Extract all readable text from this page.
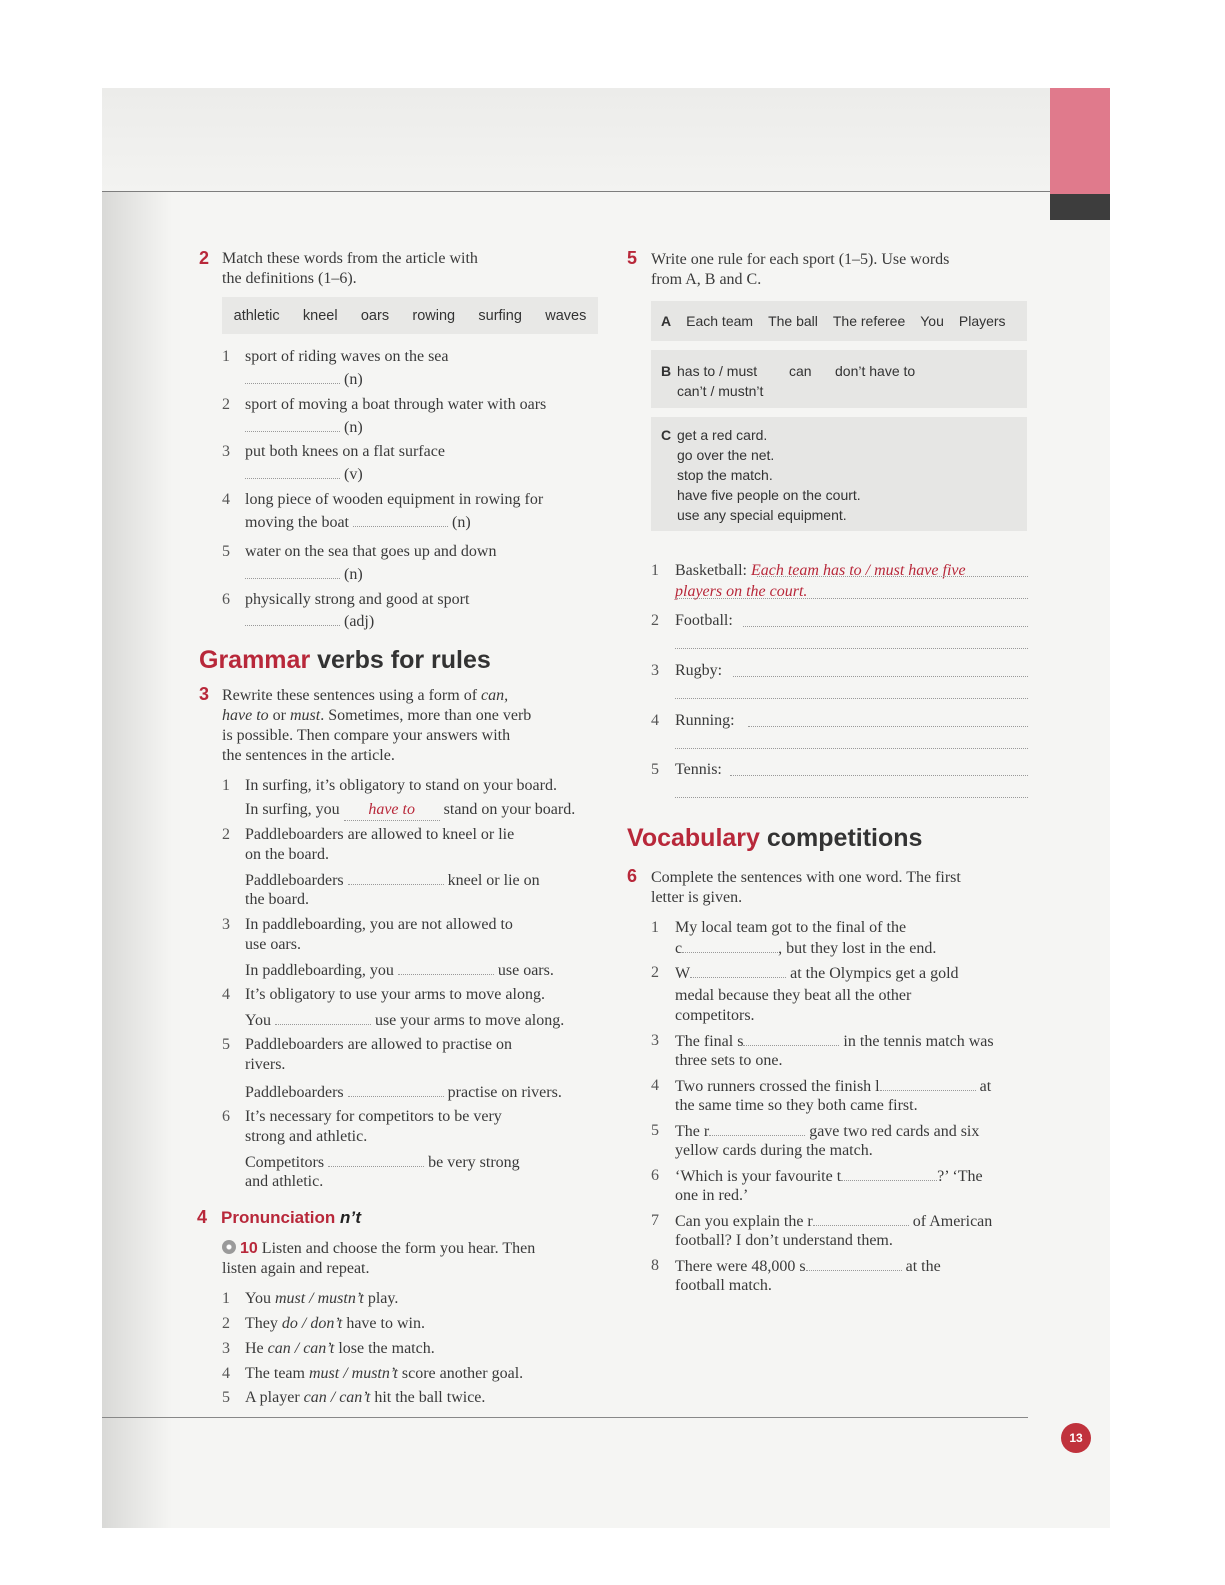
13
2 Match these words from the article with
the definitions (1–6).
athletic kneel oars rowing surfing waves
1 sport of riding waves on the sea
(n)
2 sport of moving a boat through water with oars
(n)
3 put both knees on a flat surface
(v)
4 long piece of wooden equipment in rowing for
moving the boat	(n)
5 water on the sea that goes up and down
(n)
6 physically strong and good at sport
(adj)
Grammar verbs for rules
3 Rewrite these sentences using a form of can,
have to or must. Sometimes, more than one verb
is possible. Then compare your answers with
the sentences in the article.
1 In surfing, it’s obligatory to stand on your board.
In surfing, you have to stand on your board.
2 Paddleboarders are allowed to kneel or lie
on the board.
Paddleboarders	kneel or lie on
the board.
3 In paddleboarding, you are not allowed to
use oars.
In paddleboarding, you	use oars.
4 It’s obligatory to use your arms to move along.
You	use your arms to move along.
5 Paddleboarders are allowed to practise on
rivers.
Paddleboarders	practise on rivers.
6 It’s necessary for competitors to be very
strong and athletic.
Competitors	be very strong
and athletic.
4 Pronunciation n’t
10 Listen and choose the form you hear. Then
listen again and repeat.
1 You must / mustn’t play.
2 They do / don’t have to win.
3 He can / can’t lose the match.
4 The team must / mustn’t score another goal.
5 A player can / can’t hit the ball twice.
5 Write one rule for each sport (1–5). Use words
from A, B and C.
A Each team The ball The referee You Players
B has to / must can don’t have to
can’t / mustn’t
C get a red card.
go over the net.
stop the match.
have five people on the court.
use any special equipment.
1 Basketball: Each team has to / must have five
players on the court.
2 Football:
3 Rugby:
4 Running:
5 Tennis:
Vocabulary competitions
6 Complete the sentences with one word. The first
letter is given.
1 My local team got to the final of the
c	, but they lost in the end.
2 W	at the Olympics get a gold
medal because they beat all the other
competitors.
3 The final s	in the tennis match was
three sets to one.
4 Two runners crossed the finish l	at
the same time so they both came first.
5 The r	gave two red cards and six
yellow cards during the match.
6 ‘Which is your favourite t	?’ ‘The
one in red.’
7 Can you explain the r	of American
football? I don’t understand them.
8 There were 48,000 s	at the
football match.
